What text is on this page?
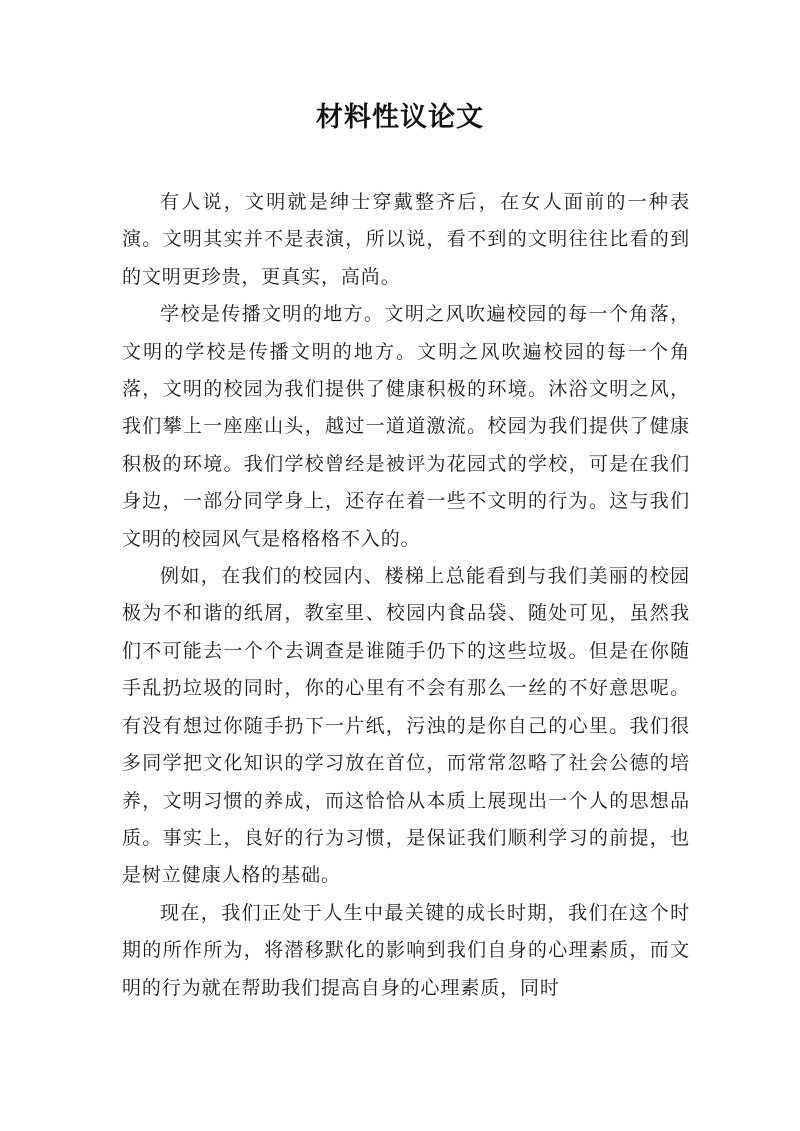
材料性议论文

有人说，文明就是绅士穿戴整齐后，在女人面前的一种表演。文明其实并不是表演，所以说，看不到的文明往往比看的到的文明更珍贵，更真实，高尚。

学校是传播文明的地方。文明之风吹遍校园的每一个角落，文明的学校是传播文明的地方。文明之风吹遍校园的每一个角落，文明的校园为我们提供了健康积极的环境。沐浴文明之风，我们攀上一座座山头，越过一道道激流。校园为我们提供了健康积极的环境。我们学校曾经是被评为花园式的学校，可是在我们身边，一部分同学身上，还存在着一些不文明的行为。这与我们文明的校园风气是格格格不入的。

例如，在我们的校园内、楼梯上总能看到与我们美丽的校园极为不和谐的纸屑，教室里、校园内食品袋、随处可见，虽然我们不可能去一个个去调查是谁随手仍下的这些垃圾。但是在你随手乱扔垃圾的同时，你的心里有不会有那么一丝的不好意思呢。有没有想过你随手扔下一片纸，污浊的是你自己的心里。我们很多同学把文化知识的学习放在首位，而常常忽略了社会公德的培养，文明习惯的养成，而这恰恰从本质上展现出一个人的思想品质。事实上，良好的行为习惯，是保证我们顺利学习的前提，也是树立健康人格的基础。

现在，我们正处于人生中最关键的成长时期，我们在这个时期的所作所为，将潜移默化的影响到我们自身的心理素质，而文明的行为就在帮助我们提高自身的心理素质，同时
